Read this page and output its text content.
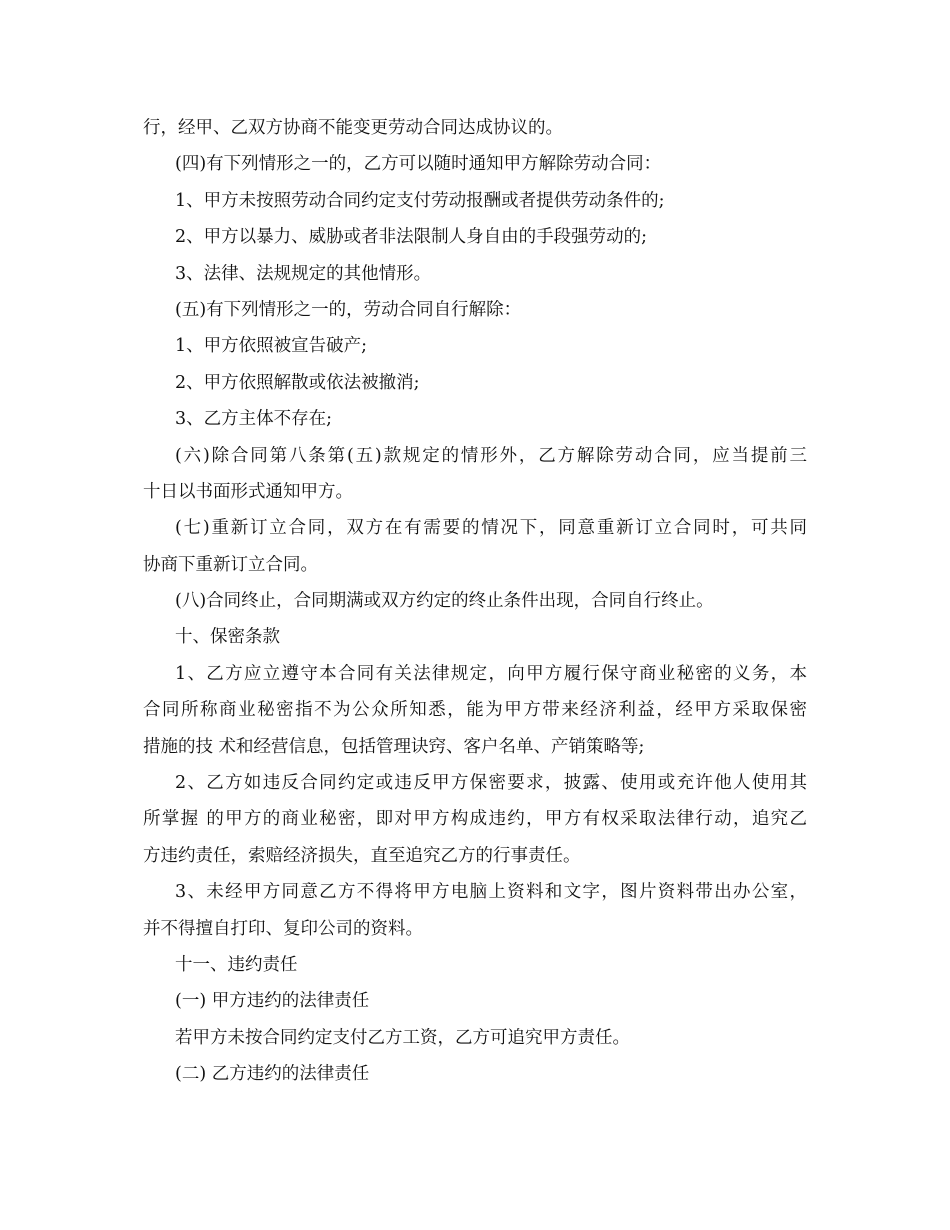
行，经甲、乙双方协商不能变更劳动合同达成协议的。
(四)有下列情形之一的，乙方可以随时通知甲方解除劳动合同：
1、甲方未按照劳动合同约定支付劳动报酬或者提供劳动条件的;
2、甲方以暴力、威胁或者非法限制人身自由的手段强劳动的;
3、法律、法规规定的其他情形。
(五)有下列情形之一的，劳动合同自行解除：
1、甲方依照被宣告破产;
2、甲方依照解散或依法被撤消;
3、乙方主体不存在;
(六)除合同第八条第(五)款规定的情形外，乙方解除劳动合同，应当提前三
十日以书面形式通知甲方。
(七)重新订立合同，双方在有需要的情况下，同意重新订立合同时，可共同
协商下重新订立合同。
(八)合同终止，合同期满或双方约定的终止条件出现，合同自行终止。
十、保密条款
1、乙方应立遵守本合同有关法律规定，向甲方履行保守商业秘密的义务，本
合同所称商业秘密指不为公众所知悉，能为甲方带来经济利益，经甲方采取保密
措施的技 术和经营信息，包括管理诀窍、客户名单、产销策略等;
2、乙方如违反合同约定或违反甲方保密要求，披露、使用或充许他人使用其
所掌握 的甲方的商业秘密，即对甲方构成违约，甲方有权采取法律行动，追究乙
方违约责任，索赔经济损失，直至追究乙方的行事责任。
3、未经甲方同意乙方不得将甲方电脑上资料和文字，图片资料带出办公室，
并不得擅自打印、复印公司的资料。
十一、违约责任
(一) 甲方违约的法律责任
若甲方未按合同约定支付乙方工资，乙方可追究甲方责任。
(二) 乙方违约的法律责任
